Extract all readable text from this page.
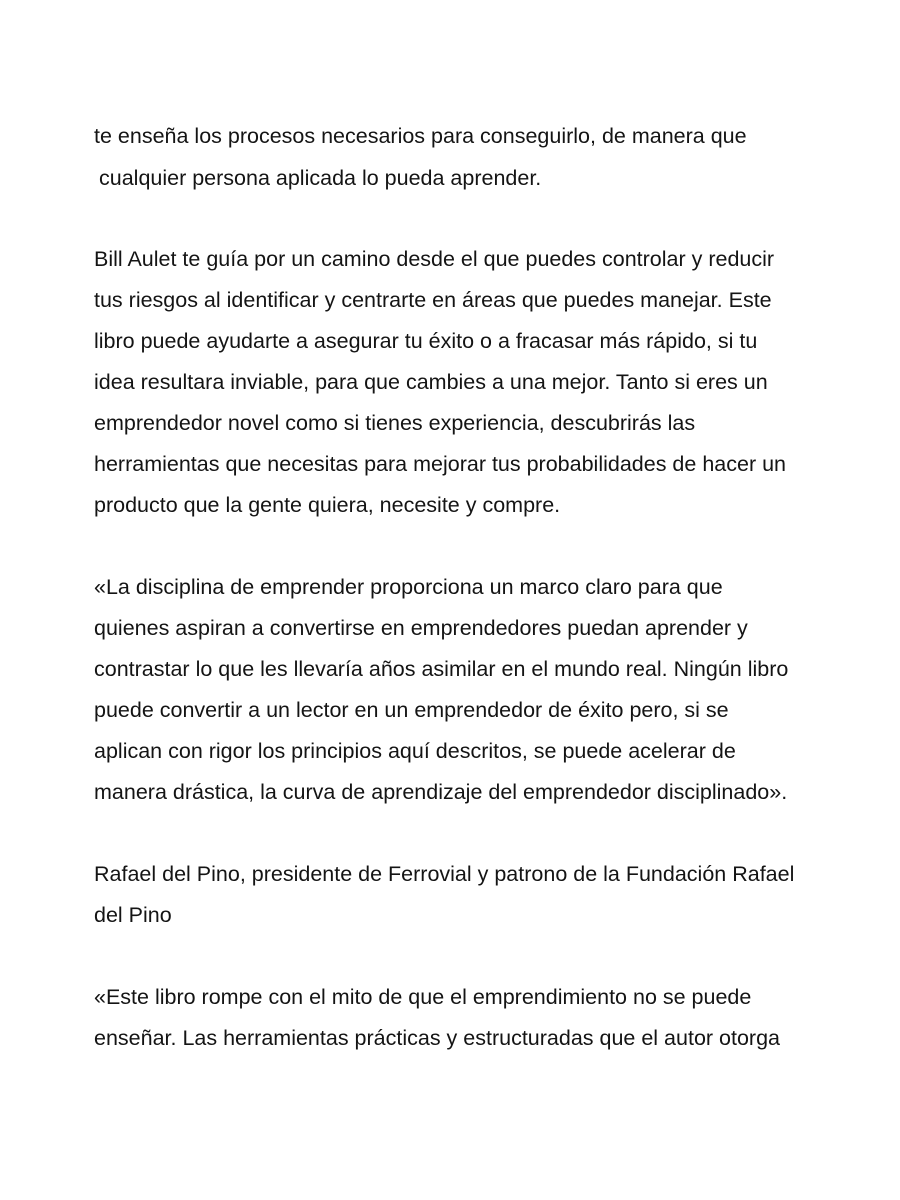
te enseña los procesos necesarios para conseguirlo, de manera que
cualquier persona aplicada lo pueda aprender.
Bill Aulet te guía por un camino desde el que puedes controlar y reducir
tus riesgos al identificar y centrarte en áreas que puedes manejar. Este
libro puede ayudarte a asegurar tu éxito o a fracasar más rápido, si tu
idea resultara inviable, para que cambies a una mejor. Tanto si eres un
emprendedor novel como si tienes experiencia, descubrirás las
herramientas que necesitas para mejorar tus probabilidades de hacer un
producto que la gente quiera, necesite y compre.
«La disciplina de emprender proporciona un marco claro para que
quienes aspiran a convertirse en emprendedores puedan aprender y
contrastar lo que les llevaría años asimilar en el mundo real. Ningún libro
puede convertir a un lector en un emprendedor de éxito pero, si se
aplican con rigor los principios aquí descritos, se puede acelerar de
manera drástica, la curva de aprendizaje del emprendedor disciplinado».
Rafael del Pino, presidente de Ferrovial y patrono de la Fundación Rafael
del Pino
«Este libro rompe con el mito de que el emprendimiento no se puede
enseñar. Las herramientas prácticas y estructuradas que el autor otorga
